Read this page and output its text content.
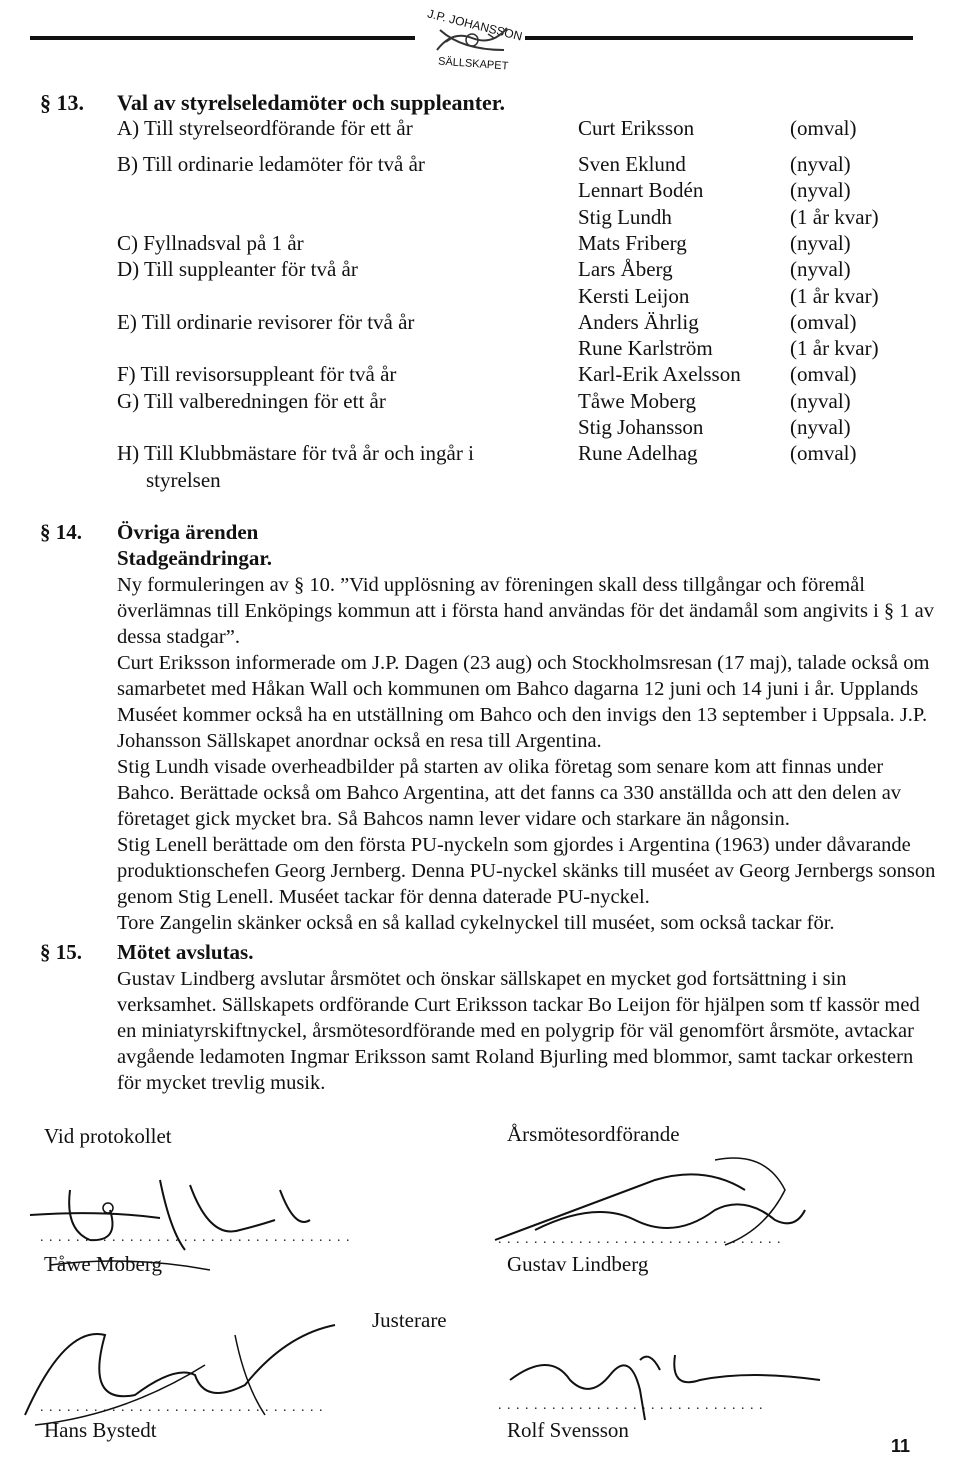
J.P. JOHANSSON
SÄLLSKAPET
§ 13. Val av styrelseledamöter och suppleanter.
A) Till styrelseordförande för ett år	Curt Eriksson	(omval)
B) Till ordinarie ledamöter för två år	Sven Eklund	(nyval)
Lennart Bodén	(nyval)
Stig Lundh	(1 år kvar)
C) Fyllnadsval på 1 år	Mats Friberg	(nyval)
D) Till suppleanter för två år	Lars Åberg	(nyval)
Kersti Leijon	(1 år kvar)
E) Till ordinarie revisorer för två år	Anders Ährlig	(omval)
Rune Karlström	(1 år kvar)
F) Till revisorsuppleant för två år	Karl-Erik Axelsson (omval)
G) Till valberedningen för ett år	Tåwe Moberg	(nyval)
Stig Johansson	(nyval)
H) Till Klubbmästare för två år och ingår i	Rune Adelhag	(omval)
styrelsen
§ 14. Övriga ärenden
Stadgeändringar.

Ny formuleringen av § 10. ”Vid upplösning av föreningen skall dess tillgångar och föremål överlämnas till Enköpings kommun att i första hand användas för det ändamål som angivits i § 1 av dessa stadgar”.

Curt Eriksson informerade om J.P. Dagen (23 aug) och Stockholmsresan (17 maj), talade också om samarbetet med Håkan Wall och kommunen om Bahco dagarna 12 juni och 14 juni i år. Upplands Muséet kommer också ha en utställning om Bahco och den invigs den 13 september i Uppsala. J.P. Johansson Sällskapet anordnar också en resa till Argentina.

Stig Lundh visade overheadbilder på starten av olika företag som senare kom att finnas under Bahco. Berättade också om Bahco Argentina, att det fanns ca 330 anställda och att den delen av företaget gick mycket bra. Så Bahcos namn lever vidare och starkare än någonsin.

Stig Lenell berättade om den första PU-nyckeln som gjordes i Argentina (1963) under dåvarande produktionschefen Georg Jernberg. Denna PU-nyckel skänks till muséet av Georg Jernbergs sonson genom Stig Lenell. Muséet tackar för denna daterade PU-nyckel.

Tore Zangelin skänker också en så kallad cykelnyckel till muséet, som också tackar för.

§ 15. Mötet avslutas.

Gustav Lindberg avslutar årsmötet och önskar sällskapet en mycket god fortsättning i sin verksamhet. Sällskapets ordförande Curt Eriksson tackar Bo Leijon för hjälpen som tf kassör med en miniatyrskiftnyckel, årsmötesordförande med en polygrip för väl genomfört årsmöte, avtackar avgående ledamoten Ingmar Eriksson samt Roland Bjurling med blommor, samt tackar orkestern för mycket trevlig musik.

Vid protokollet	Årsmötesordförande
. . . . . . . . . . . . . . . . . . . . . . . . . . . . . . . . . . .
Tåwe Moberg
. . . . . . . . . . . . . . . . . . . . . . . . . . . . . . . .
Gustav Lindberg
Justerare
. . . . . . . . . . . . . . . . . . . . . . . . . . . . . . . .
Hans Bystedt
. . . . . . . . . . . . . . . . . . . . . . . . . . . . . .
Rolf Svensson
11
